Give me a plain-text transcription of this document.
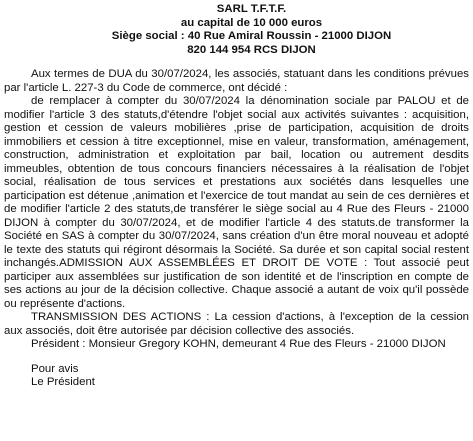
SARL T.F.T.F.
au capital de 10 000 euros
Siège social : 40 Rue Amiral Roussin - 21000 DIJON
820 144 954 RCS DIJON

Aux termes de DUA du 30/07/2024, les associés, statuant dans les conditions prévues par l'article L. 227-3 du Code de commerce, ont décidé :

de remplacer à compter du 30/07/2024 la dénomination sociale par PALOU et de modifier l'article 3 des statuts,d'étendre l'objet social aux activités suivantes : acquisition, gestion et cession de valeurs mobilières ,prise de participation, acquisition de droits immobiliers et cession à titre exceptionnel, mise en valeur, transformation, aménagement, construction, administration et exploitation par bail, location ou autrement desdits immeubles, obtention de tous concours financiers nécessaires à la réalisation de l'objet social, réalisation de tous services et prestations aux sociétés dans lesquelles une participation est détenue ,animation et l'exercice de tout mandat au sein de ces dernières et de modifier l'article 2 des statuts,de transférer le siège social au 4 Rue des Fleurs - 21000 DIJON à compter du 30/07/2024, et de modifier l'article 4 des statuts.de transformer la Société en SAS à compter du 30/07/2024, sans création d'un être moral nouveau et adopté le texte des statuts qui régiront désormais la Société. Sa durée et son capital social restent inchangés.ADMISSION AUX ASSEMBLÉES ET DROIT DE VOTE : Tout associé peut participer aux assemblées sur justification de son identité et de l'inscription en compte de ses actions au jour de la décision collective. Chaque associé a autant de voix qu'il possède ou représente d'actions.

TRANSMISSION DES ACTIONS : La cession d'actions, à l'exception de la cession aux associés, doit être autorisée par décision collective des associés.

Président : Monsieur Gregory KOHN, demeurant 4 Rue des Fleurs - 21000 DIJON

Pour avis
Le Président
